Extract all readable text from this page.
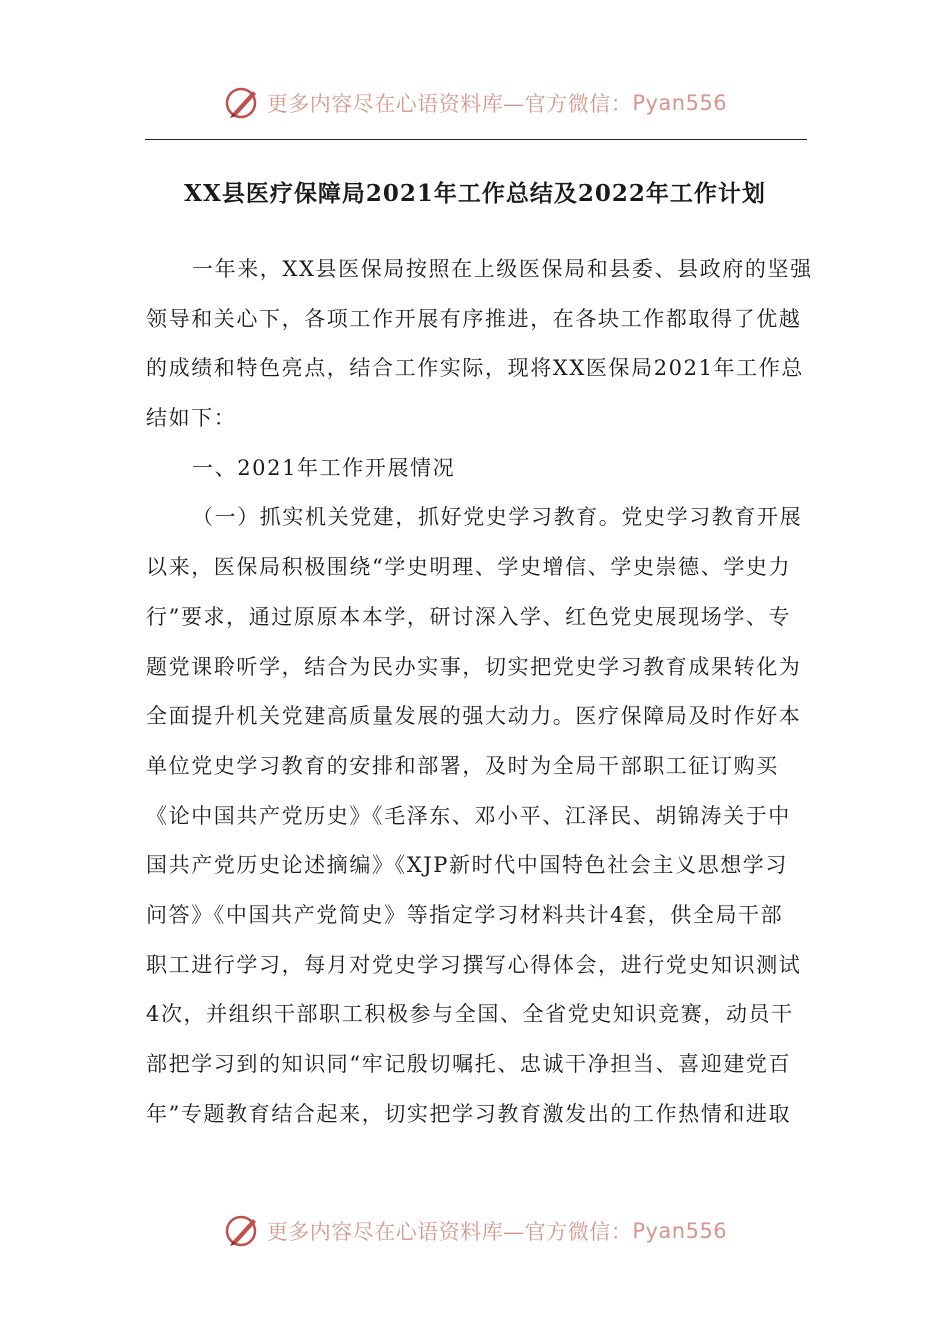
更多内容尽在心语资料库—官方微信： Pyan556
XX县医疗保障局2021年工作总结及2022年工作计划
一年来，XX县医保局按照在上级医保局和县委、县政府的坚强
领导和关心下，各项工作开展有序推进，在各块工作都取得了优越
的成绩和特色亮点，结合工作实际，现将XX医保局2021年工作总
结如下：
一、2021年工作开展情况
（一）抓实机关党建，抓好党史学习教育。党史学习教育开展
以来，医保局积极围绕“学史明理、学史增信、学史崇德、学史力
行”要求，通过原原本本学，研讨深入学、红色党史展现场学、专
题党课聆听学，结合为民办实事，切实把党史学习教育成果转化为
全面提升机关党建高质量发展的强大动力。医疗保障局及时作好本
单位党史学习教育的安排和部署，及时为全局干部职工征订购买
《论中国共产党历史》《毛泽东、邓小平、江泽民、胡锦涛关于中
国共产党历史论述摘编》《XJP新时代中国特色社会主义思想学习
问答》《中国共产党简史》等指定学习材料共计4套，供全局干部
职工进行学习，每月对党史学习撰写心得体会，进行党史知识测试
4次，并组织干部职工积极参与全国、全省党史知识竞赛，动员干
部把学习到的知识同“牢记殷切嘱托、忠诚干净担当、喜迎建党百
年”专题教育结合起来，切实把学习教育激发出的工作热情和进取
更多内容尽在心语资料库—官方微信： Pyan556
